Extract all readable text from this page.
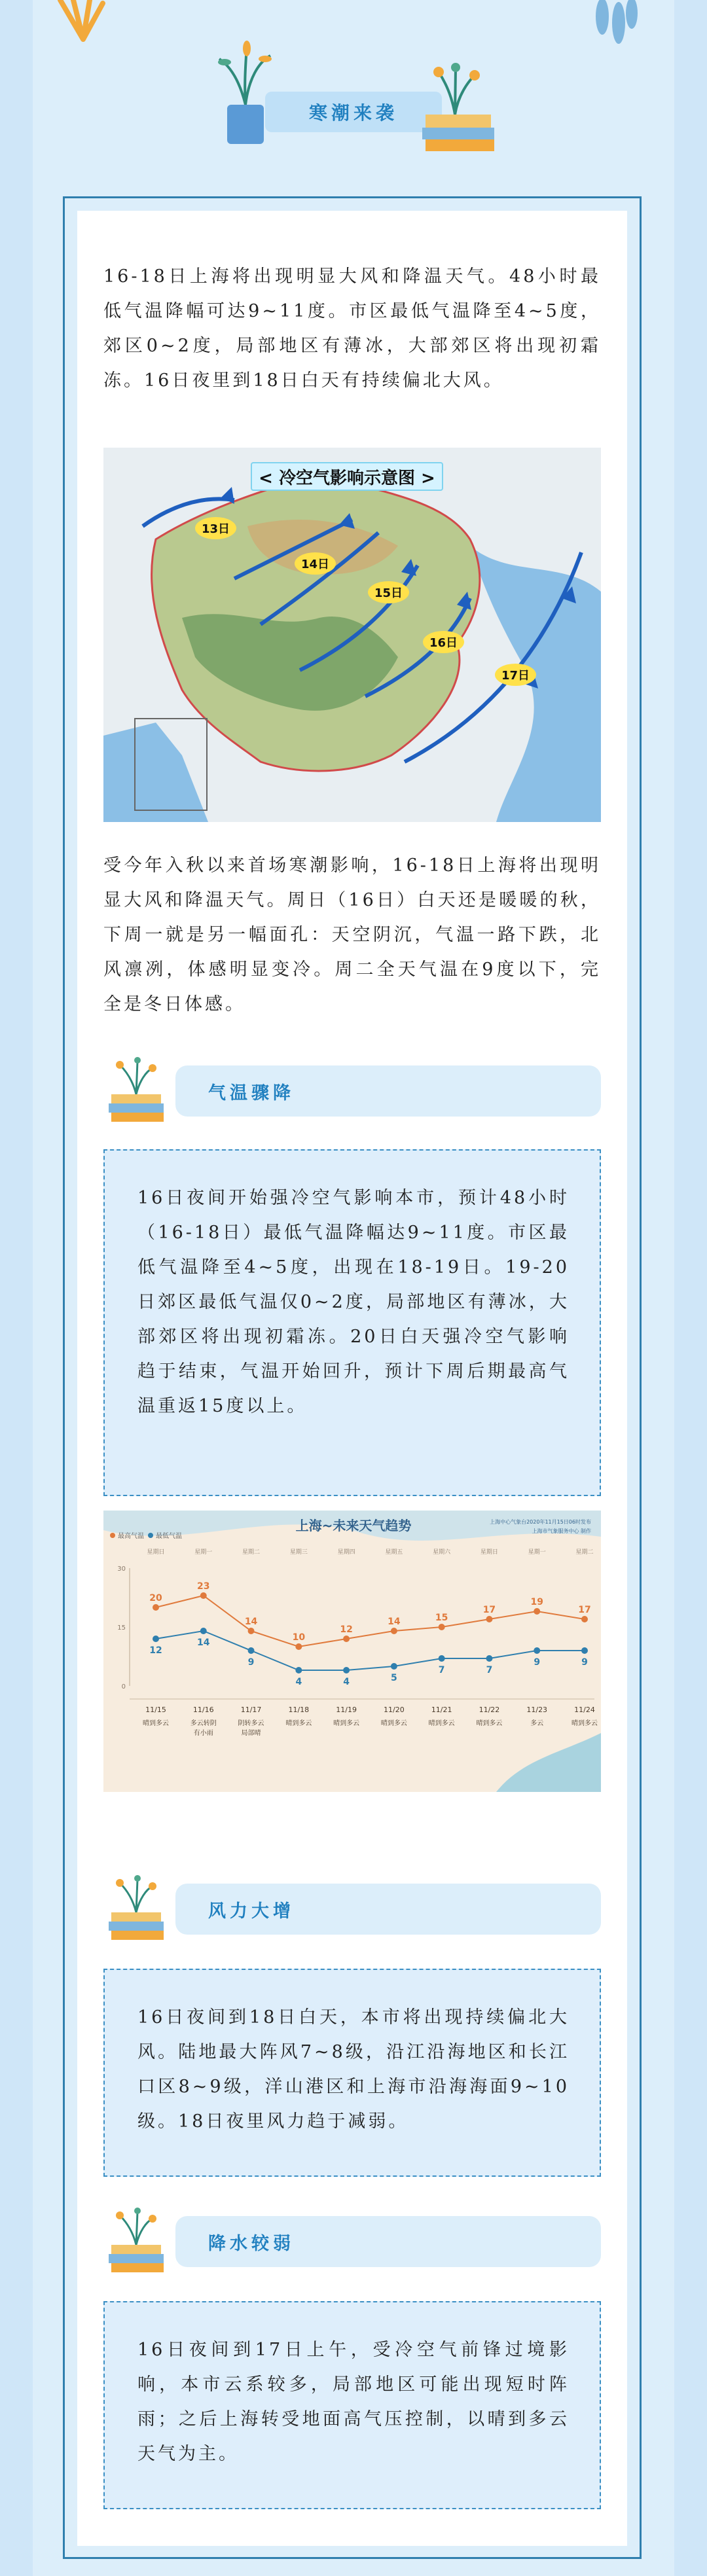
寒潮来袭

16-18日上海将出现明显大风和降温天气。48小时最低气温降幅可达9~11度。市区最低气温降至4~5度，郊区0~2度，局部地区有薄冰，大部郊区将出现初霜冻。16日夜里到18日白天有持续偏北大风。

< 冷空气影响示意图 >
13日
14日
15日
16日
17日

受今年入秋以来首场寒潮影响，16-18日上海将出现明显大风和降温天气。周日（16日）白天还是暖暖的秋，下周一就是另一幅面孔：天空阴沉，气温一路下跌，北风凛冽，体感明显变冷。周二全天气温在9度以下，完全是冬日体感。

气温骤降

16日夜间开始强冷空气影响本市，预计48小时（16-18日）最低气温降幅达9~11度。市区最低气温降至4~5度，出现在18-19日。19-20日郊区最低气温仅0~2度，局部地区有薄冰，大部郊区将出现初霜冻。20日白天强冷空气影响趋于结束，气温开始回升，预计下周后期最高气温重返15度以上。

上海~未来天气趋势	上海中心气象台2020年11月15日06时发布
上海市气象服务中心 制作
最高气温 最低气温
星期日	星期一	星期二	星期三	星期四	星期五	星期六	星期日	星期一	星期二
0
15
30
20
23
14
10
12
14	15
17
19
17
12
14
9
4	4	5
7	7
9	9
11/15
晴到多云
11/16
多云转阴
有小雨
11/17
阴转多云
局部晴
11/18
晴到多云
11/19
晴到多云
11/20
晴到多云
11/21
晴到多云
11/22
晴到多云
11/23
多云
11/24
晴到多云
风力大增

16日夜间到18日白天，本市将出现持续偏北大风。陆地最大阵风7~8级，沿江沿海地区和长江口区8~9级，洋山港区和上海市沿海海面9~10级。18日夜里风力趋于减弱。

降水较弱

16日夜间到17日上午，受冷空气前锋过境影响，本市云系较多，局部地区可能出现短时阵雨；之后上海转受地面高气压控制，以晴到多云天气为主。
